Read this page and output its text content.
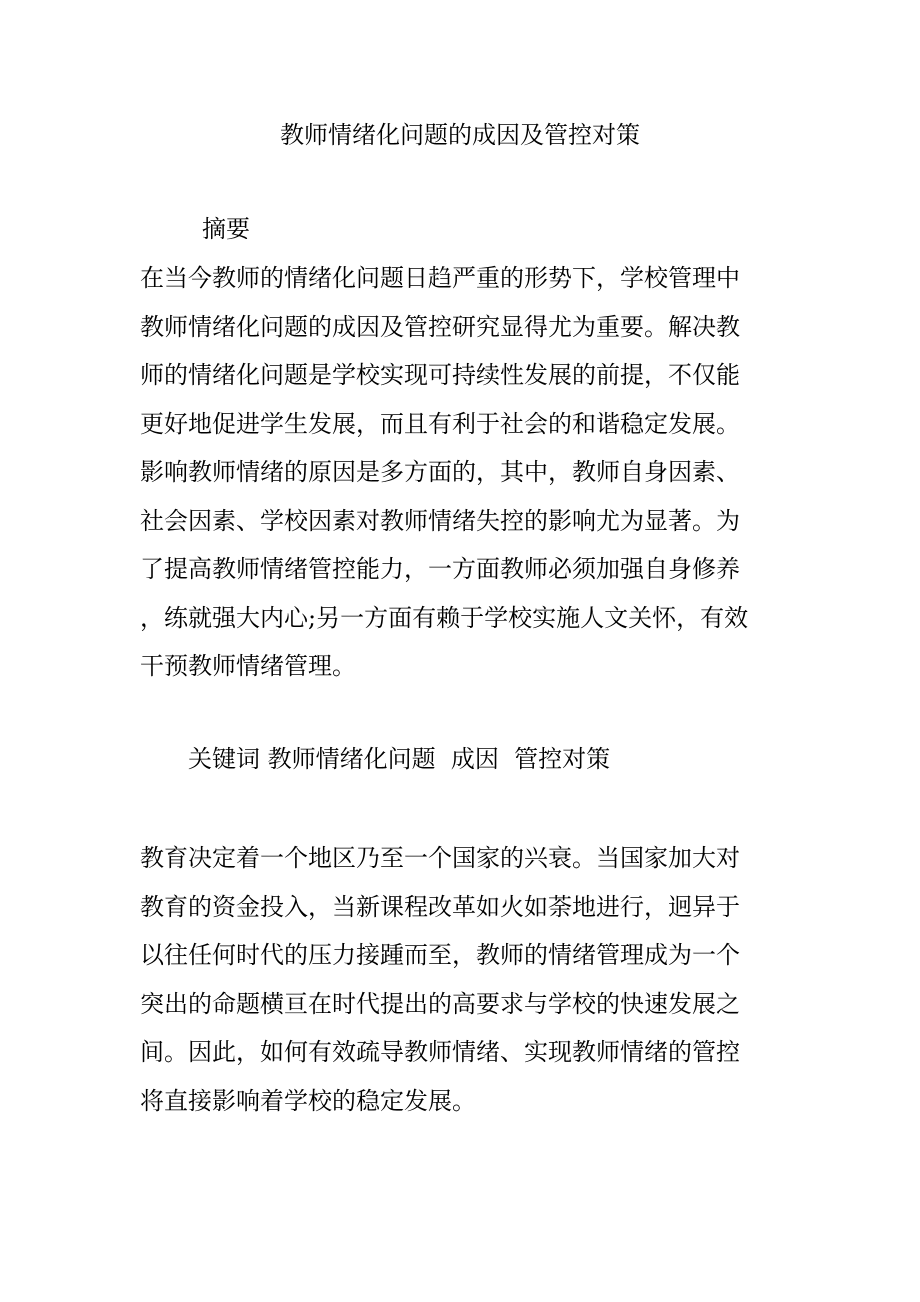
教师情绪化问题的成因及管控对策
摘要
在当今教师的情绪化问题日趋严重的形势下，学校管理中
教师情绪化问题的成因及管控研究显得尤为重要。解决教
师的情绪化问题是学校实现可持续性发展的前提，不仅能
更好地促进学生发展，而且有利于社会的和谐稳定发展。
影响教师情绪的原因是多方面的，其中，教师自身因素、
社会因素、学校因素对教师情绪失控的影响尤为显著。为
了提高教师情绪管控能力，一方面教师必须加强自身修养
，练就强大内心;另一方面有赖于学校实施人文关怀，有效
干预教师情绪管理。
关键词 教师情绪化问题  成因  管控对策
教育决定着一个地区乃至一个国家的兴衰。当国家加大对
教育的资金投入，当新课程改革如火如荼地进行，迥异于
以往任何时代的压力接踵而至，教师的情绪管理成为一个
突出的命题横亘在时代提出的高要求与学校的快速发展之
间。因此，如何有效疏导教师情绪、实现教师情绪的管控
将直接影响着学校的稳定发展。
